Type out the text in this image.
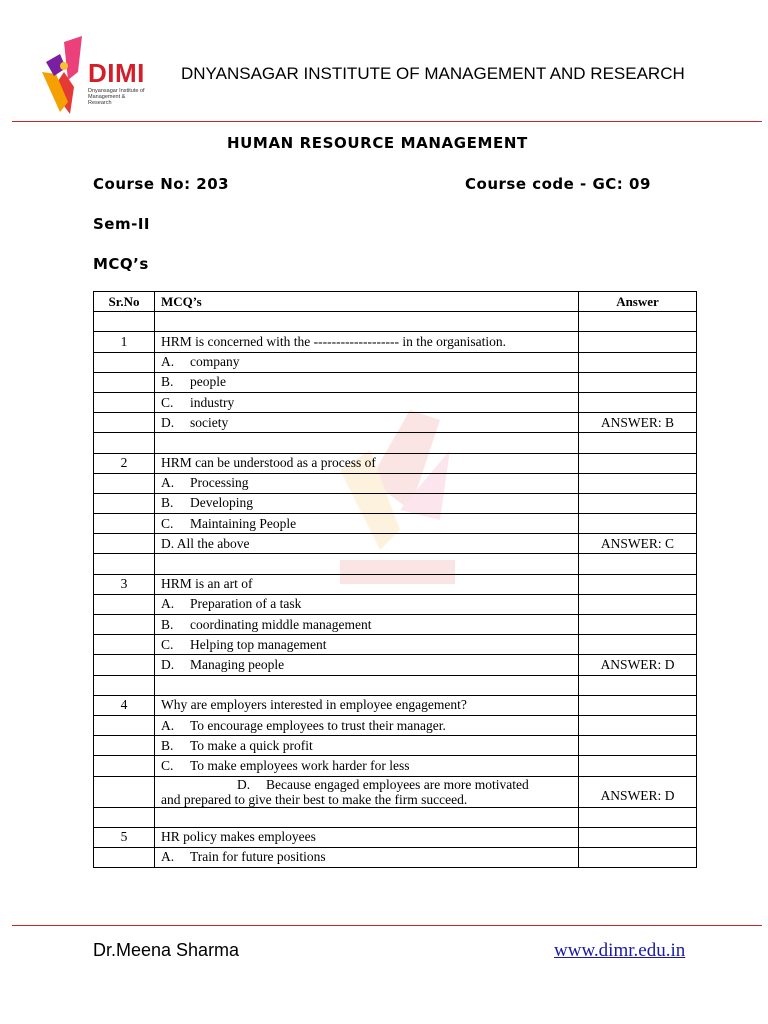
DIMI
Dnyansagar Institute of Management & Research
DNYANSAGAR INSTITUTE OF MANAGEMENT AND RESEARCH
HUMAN RESOURCE MANAGEMENT
Course No: 203	Course code - GC: 09
Sem-II
MCQ’s
Sr.No	MCQ’s	Answer

1	HRM is concerned with the ------------------- in the organisation.	
	A. company	
	B. people	
	C. industry	
	D. society	ANSWER: B

2	HRM can be understood as a process of	
	A. Processing	
	B. Developing	
	C. Maintaining People	
	D. All the above	ANSWER: C

3	HRM is an art of	
	A. Preparation of a task	
	B. coordinating middle management	
	C. Helping top management	
	D. Managing people	ANSWER: D

4	Why are employers interested in employee engagement?	
	A. To encourage employees to trust their manager.	
	B. To make a quick profit	
	C. To make employees work harder for less	

	D. Because engaged employees are more motivated
and prepared to give their best to make the firm succeed.	ANSWER: D

5	HR policy makes employees	
	A. Train for future positions	
Dr.Meena Sharma	www.dimr.edu.in
